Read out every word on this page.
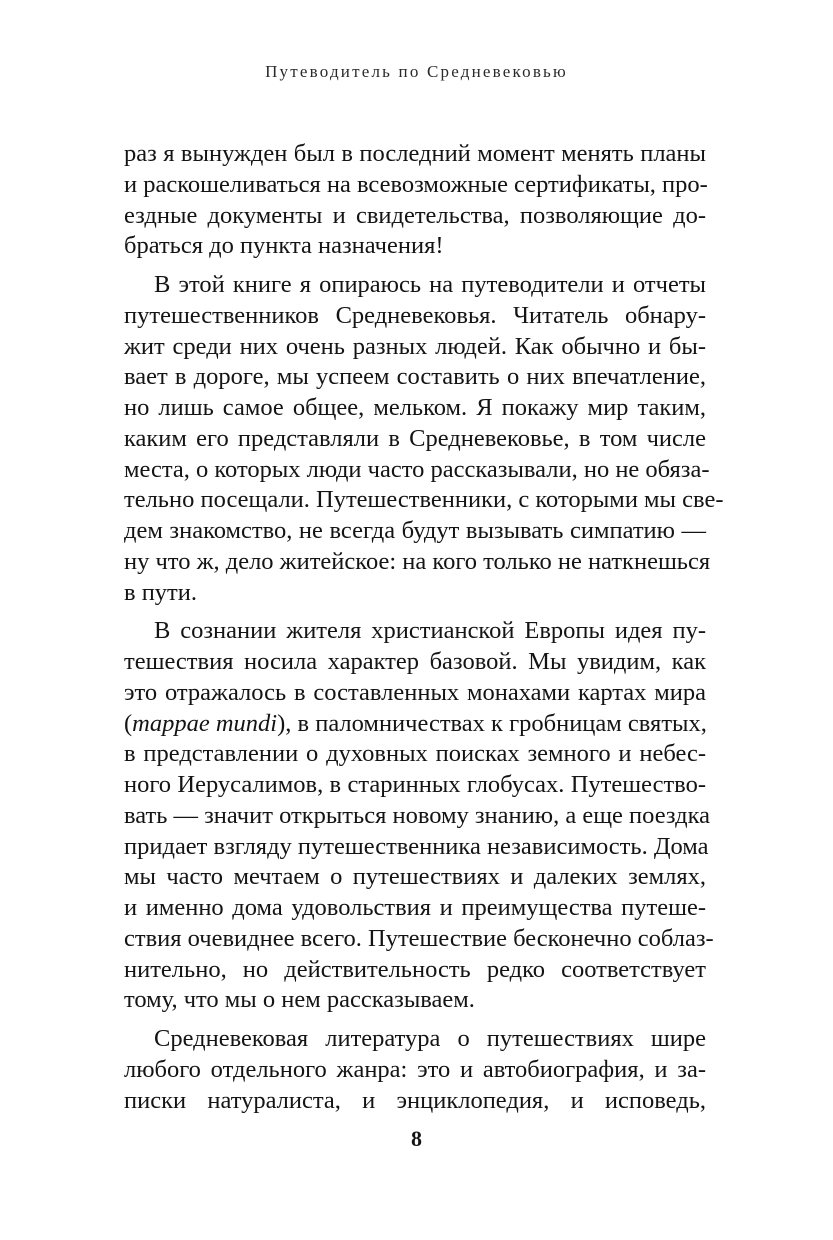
Путеводитель по Средневековью
раз я вынужден был в последний момент менять планы
и раскошеливаться на всевозможные сертификаты, про-
ездные документы и свидетельства, позволяющие до-
браться до пункта назначения!
В этой книге я опираюсь на путеводители и отчеты
путешественников Средневековья. Читатель обнару-
жит среди них очень разных людей. Как обычно и бы-
вает в дороге, мы успеем составить о них впечатление,
но лишь самое общее, мельком. Я покажу мир таким,
каким его представляли в Средневековье, в том числе
места, о которых люди часто рассказывали, но не обяза-
тельно посещали. Путешественники, с которыми мы све-
дем знакомство, не всегда будут вызывать симпатию —
ну что ж, дело житейское: на кого только не наткнешься
в пути.
В сознании жителя христианской Европы идея пу-
тешествия носила характер базовой. Мы увидим, как
это отражалось в составленных монахами картах мира
(mappae mundi), в паломничествах к гробницам святых,
в представлении о духовных поисках земного и небес-
ного Иерусалимов, в старинных глобусах. Путешество-
вать — значит открыться новому знанию, а еще поездка
придает взгляду путешественника независимость. Дома
мы часто мечтаем о путешествиях и далеких землях,
и именно дома удовольствия и преимущества путеше-
ствия очевиднее всего. Путешествие бесконечно соблаз-
нительно, но действительность редко соответствует
тому, что мы о нем рассказываем.
Средневековая литература о путешествиях шире
любого отдельного жанра: это и автобиография, и за-
писки натуралиста, и энциклопедия, и исповедь,
8
